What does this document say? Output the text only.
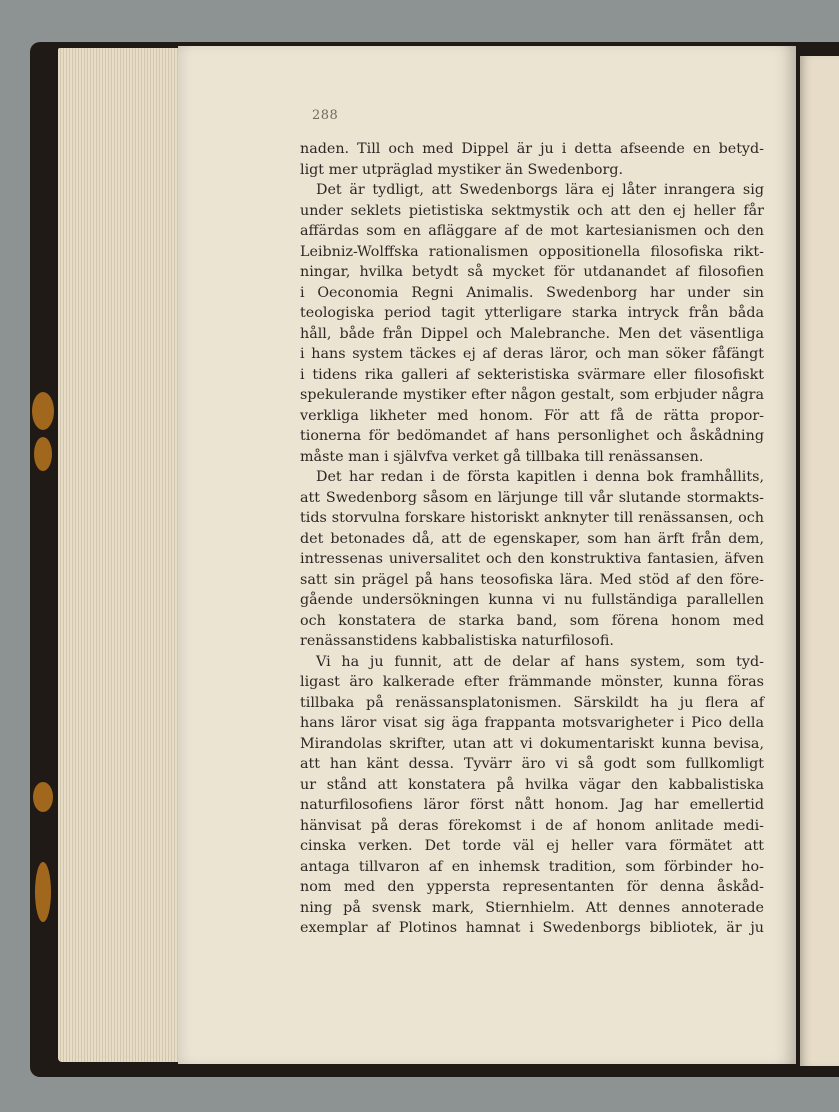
288
naden. Till och med Dippel är ju i detta afseende en betyd-
ligt mer utpräglad mystiker än Swedenborg.
Det är tydligt, att Swedenborgs lära ej låter inrangera sig
under seklets pietistiska sektmystik och att den ej heller får
affärdas som en afläggare af de mot kartesianismen och den
Leibniz-Wolffska rationalismen oppositionella filosofiska rikt-
ningar, hvilka betydt så mycket för utdanandet af filosofien
i Oeconomia Regni Animalis. Swedenborg har under sin
teologiska period tagit ytterligare starka intryck från båda
håll, både från Dippel och Malebranche. Men det väsentliga
i hans system täckes ej af deras läror, och man söker fåfängt
i tidens rika galleri af sekteristiska svärmare eller filosofiskt
spekulerande mystiker efter någon gestalt, som erbjuder några
verkliga likheter med honom. För att få de rätta propor-
tionerna för bedömandet af hans personlighet och åskådning
måste man i självfva verket gå tillbaka till renässansen.
Det har redan i de första kapitlen i denna bok framhållits,
att Swedenborg såsom en lärjunge till vår slutande stormakts-
tids storvulna forskare historiskt anknyter till renässansen, och
det betonades då, att de egenskaper, som han ärft från dem,
intressenas universalitet och den konstruktiva fantasien, äfven
satt sin prägel på hans teosofiska lära. Med stöd af den före-
gående undersökningen kunna vi nu fullständiga parallellen
och konstatera de starka band, som förena honom med
renässanstidens kabbalistiska naturfilosofi.
Vi ha ju funnit, att de delar af hans system, som tyd-
ligast äro kalkerade efter främmande mönster, kunna föras
tillbaka på renässansplatonismen. Särskildt ha ju flera af
hans läror visat sig äga frappanta motsvarigheter i Pico della
Mirandolas skrifter, utan att vi dokumentariskt kunna bevisa,
att han känt dessa. Tyvärr äro vi så godt som fullkomligt
ur stånd att konstatera på hvilka vägar den kabbalistiska
naturfilosofiens läror först nått honom. Jag har emellertid
hänvisat på deras förekomst i de af honom anlitade medi-
cinska verken. Det torde väl ej heller vara förmätet att
antaga tillvaron af en inhemsk tradition, som förbinder ho-
nom med den yppersta representanten för denna åskåd-
ning på svensk mark, Stiernhielm. Att dennes annoterade
exemplar af Plotinos hamnat i Swedenborgs bibliotek, är ju
